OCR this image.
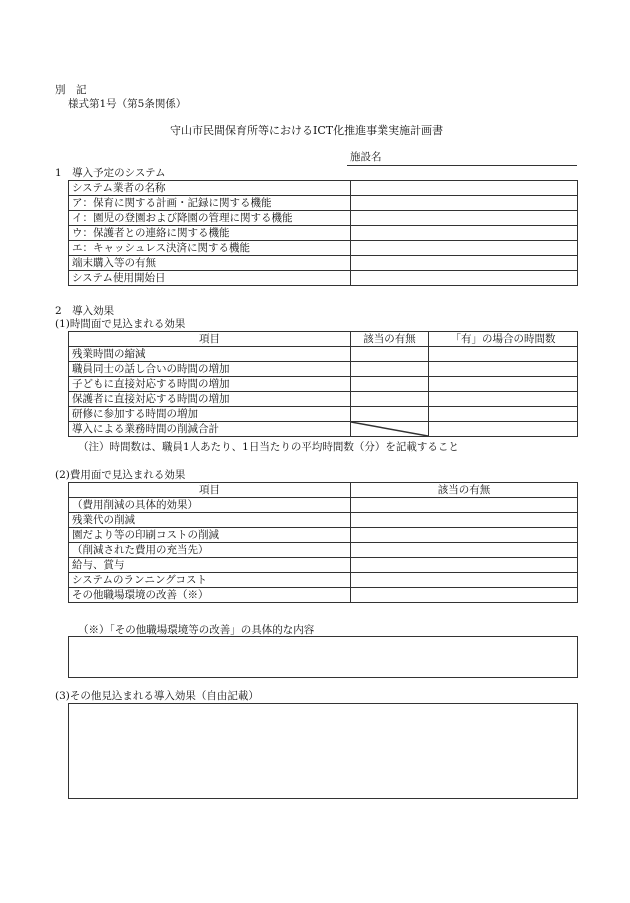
別　記
様式第1号（第5条関係）
守山市民間保育所等におけるICT化推進事業実施計画書
施設名
1　導入予定のシステム
システム業者の名称	
ア：保育に関する計画・記録に関する機能	
イ：園児の登園および降園の管理に関する機能	
ウ：保護者との連絡に関する機能	
エ：キャッシュレス決済に関する機能	
端末購入等の有無	
システム使用開始日	
2　導入効果
(1)時間面で見込まれる効果
項目	該当の有無	「有」の場合の時間数
残業時間の縮減		
職員同士の話し合いの時間の増加		
子どもに直接対応する時間の増加		
保護者に直接対応する時間の増加		
研修に参加する時間の増加		
導入による業務時間の削減合計	

（注）時間数は、職員1人あたり、1日当たりの平均時間数（分）を記載すること
(2)費用面で見込まれる効果
項目	該当の有無
（費用削減の具体的効果）	
残業代の削減	
園だより等の印刷コストの削減	
（削減された費用の充当先）	
給与、賞与	
システムのランニングコスト	
その他職場環境の改善（※）	
（※）「その他職場環境等の改善」の具体的な内容
(3)その他見込まれる導入効果（自由記載）
